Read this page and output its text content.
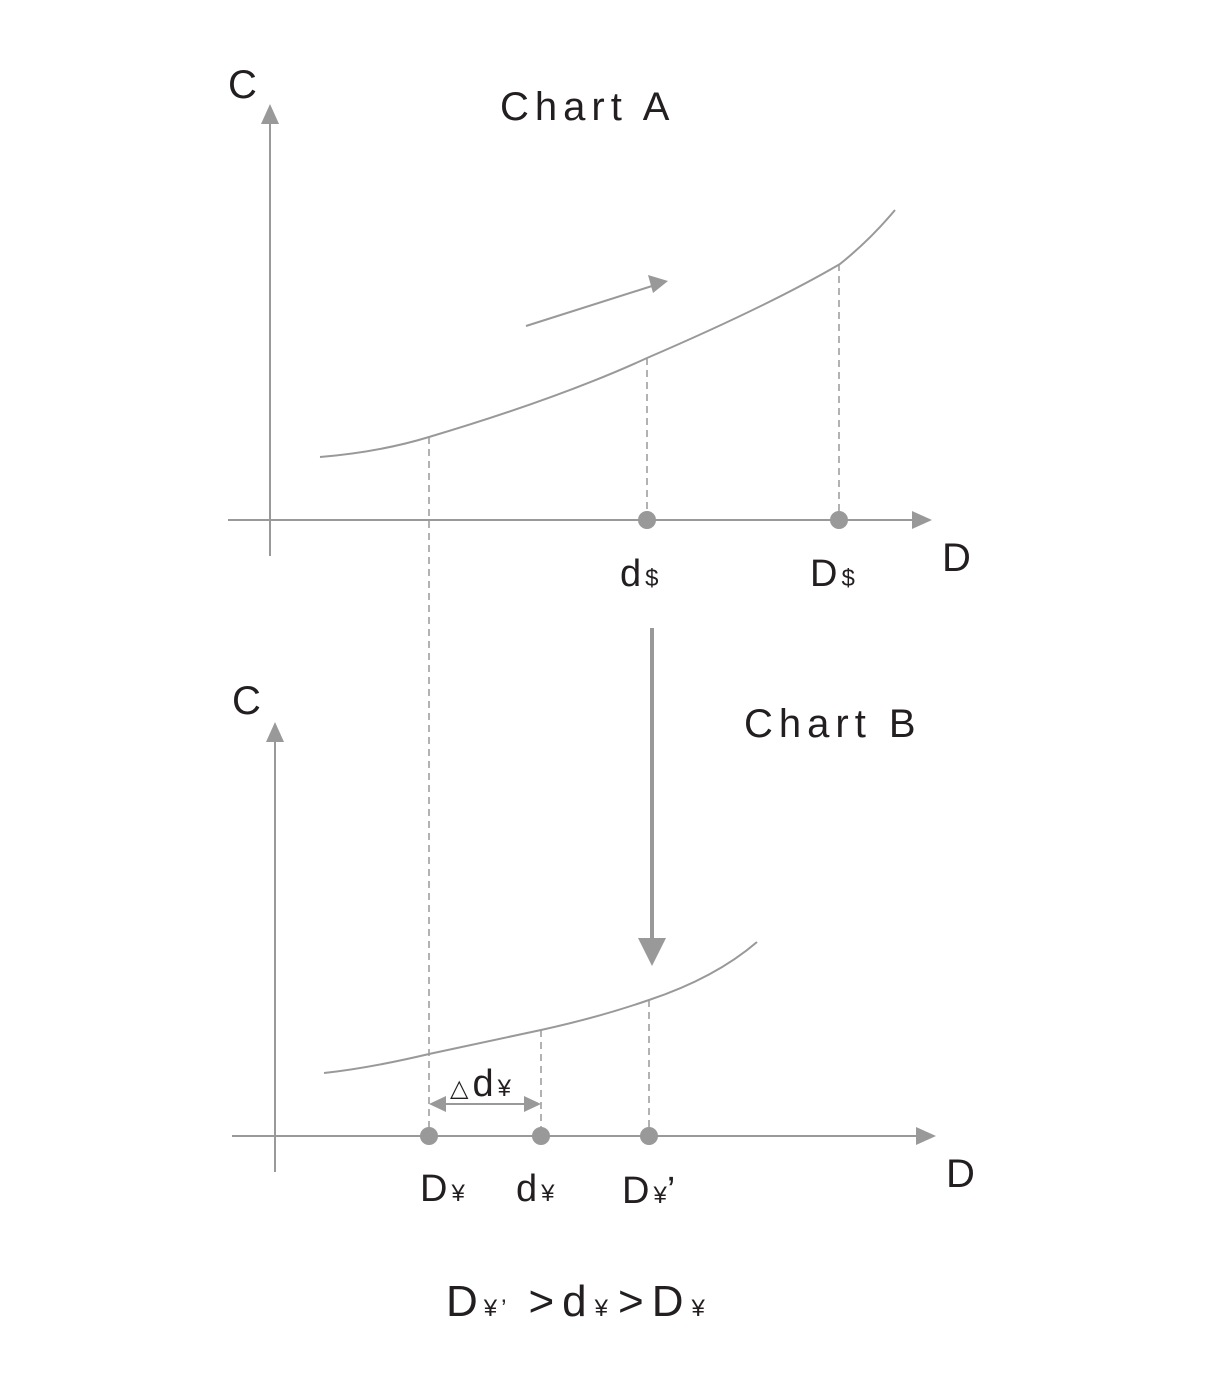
C
D
Chart A
d $	D $
C
D
Chart B
△ d ¥
D ¥ d ¥ D ¥’
D¥’ >d ¥ >D ¥
